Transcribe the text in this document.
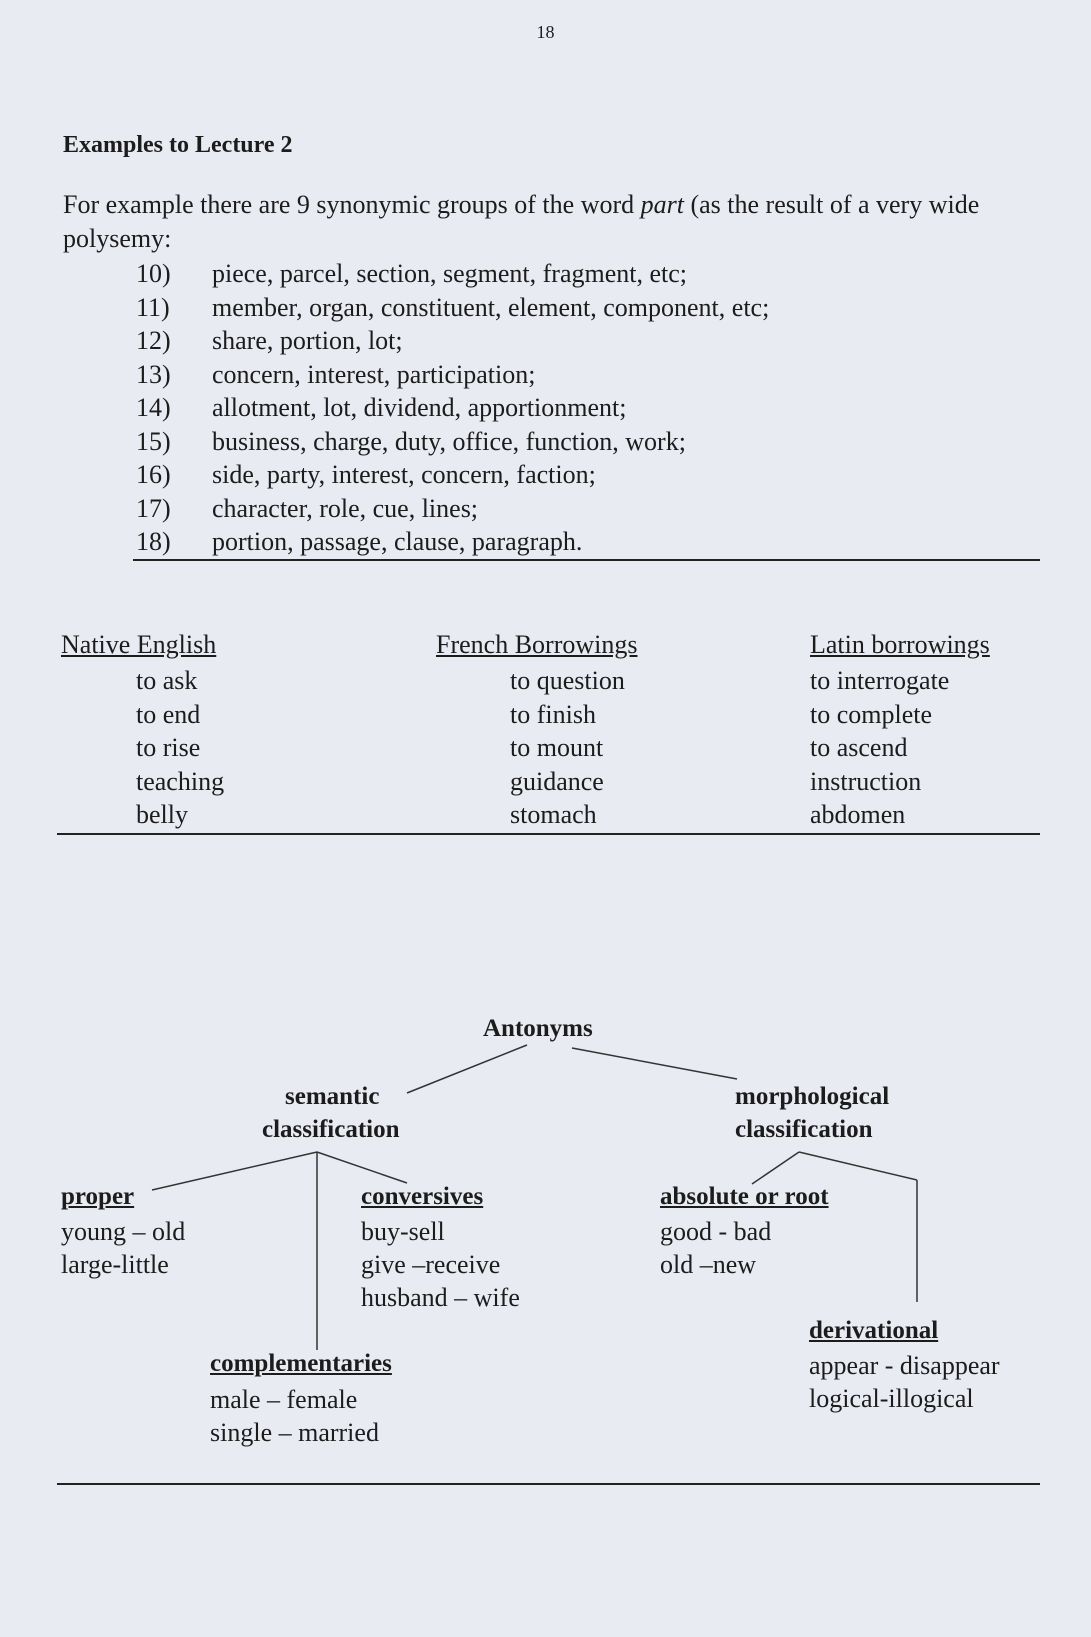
18
Examples to Lecture 2
For example there are 9 synonymic groups of the word part (as the result of a very wide polysemy:
10) piece, parcel, section, segment, fragment, etc;
11) member, organ, constituent, element, component, etc;
12) share, portion, lot;
13) concern, interest, participation;
14) allotment, lot, dividend, apportionment;
15) business, charge, duty, office, function, work;
16) side, party, interest, concern, faction;
17) character, role, cue, lines;
18) portion, passage, clause, paragraph.
Native English	French Borrowings	Latin borrowings
to ask
to end
to rise
teaching
belly
to question
to finish
to mount
guidance
stomach
to interrogate
to complete
to ascend
instruction
abdomen
Antonyms
semantic
classification
morphological
classification
proper
young – old
large-little
conversives
buy-sell
give –receive
husband – wife
absolute or root
good - bad
old –new
derivational
appear - disappear
logical-illogical
complementaries
male – female
single – married
